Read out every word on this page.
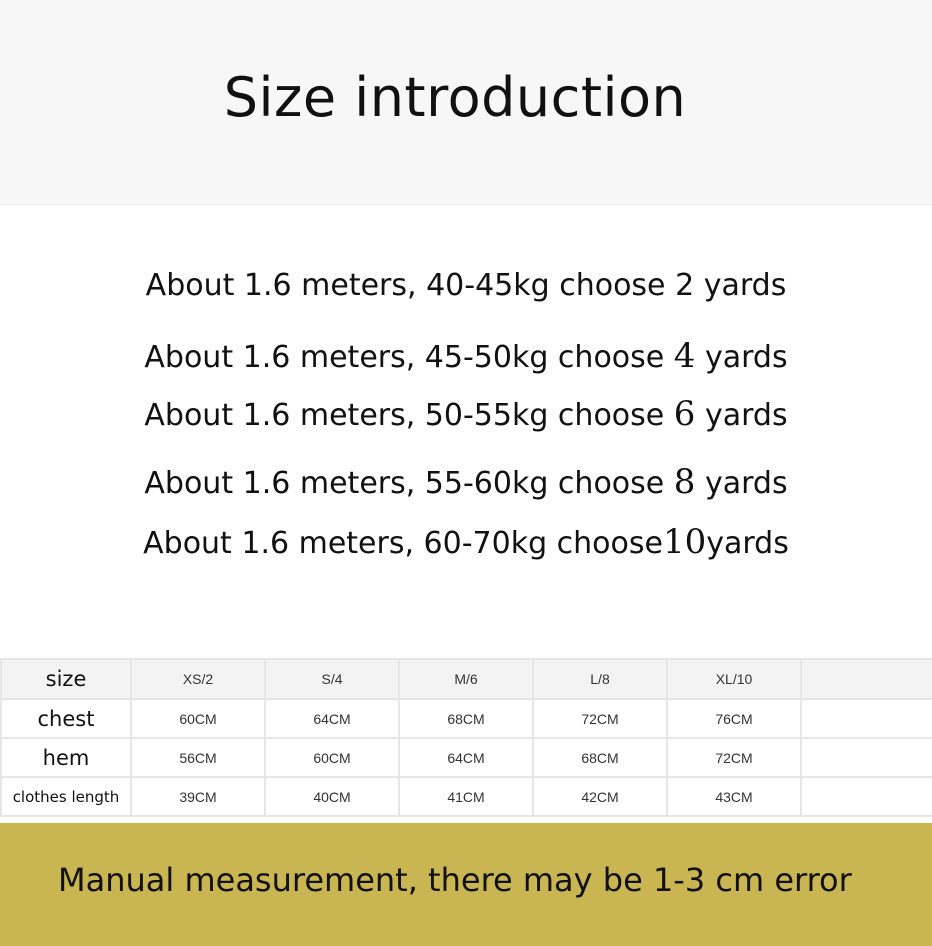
Size introduction
About 1.6 meters, 40-45kg choose 2 yards
About 1.6 meters, 45-50kg choose 4 yards
About 1.6 meters, 50-55kg choose 6 yards
About 1.6 meters, 55-60kg choose 8 yards
About 1.6 meters, 60-70kg choose10yards
size	XS/2	S/4	M/6	L/8	XL/10	
chest	60CM	64CM	68CM	72CM	76CM	
hem	56CM	60CM	64CM	68CM	72CM	
clothes length	39CM	40CM	41CM	42CM	43CM	
Manual measurement, there may be 1-3 cm error
